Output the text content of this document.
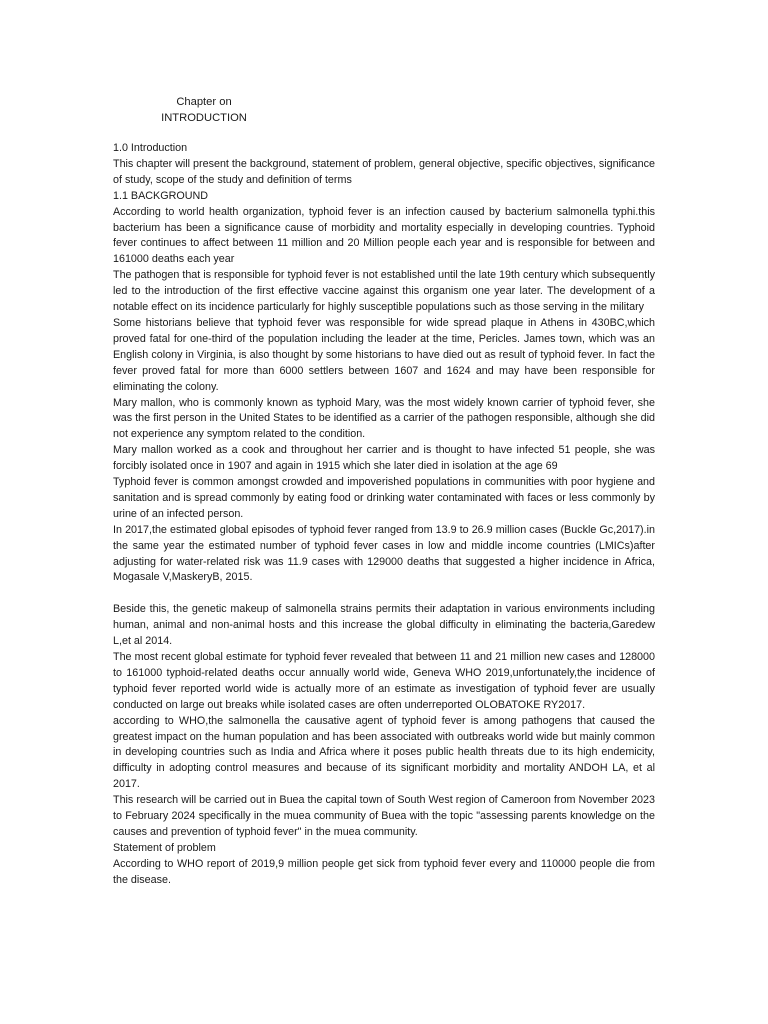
Chapter on
INTRODUCTION

1.0 Introduction

This chapter will present the background, statement of problem, general objective, specific objectives, significance of study, scope of the study and definition of terms

1.1 BACKGROUND

According to world health organization, typhoid fever is an infection caused by bacterium salmonella typhi.this bacterium has been a significance cause of morbidity and mortality especially in developing countries. Typhoid fever continues to affect between 11 million and 20 Million people each year and is responsible for between and 161000 deaths each year

The pathogen that is responsible for typhoid fever is not established until the late 19th century which subsequently led to the introduction of the first effective vaccine against this organism one year later. The development of a notable effect on its incidence particularly for highly susceptible populations such as those serving in the military

Some historians believe that typhoid fever was responsible for wide spread plaque in Athens in 430BC,which proved fatal for one-third of the population including the leader at the time, Pericles. James town, which was an English colony in Virginia, is also thought by some historians to have died out as result of typhoid fever. In fact the fever proved fatal for more than 6000 settlers between 1607 and 1624 and may have been responsible for eliminating the colony.

Mary mallon, who is commonly known as typhoid Mary, was the most widely known carrier of typhoid fever, she was the first person in the United States to be identified as a carrier of the pathogen responsible, although she did not experience any symptom related to the condition.

Mary mallon worked as a cook and throughout her carrier and is thought to have infected 51 people, she was forcibly isolated once in 1907 and again in 1915 which she later died in isolation at the age 69

Typhoid fever is common amongst crowded and impoverished populations in communities with poor hygiene and sanitation and is spread commonly by eating food or drinking water contaminated with faces or less commonly by urine of an infected person.

In 2017,the estimated global episodes of typhoid fever ranged from 13.9 to 26.9 million cases (Buckle Gc,2017).in the same year the estimated number of typhoid fever cases in low and middle income countries (LMICs)after adjusting for water-related risk was 11.9 cases with 129000 deaths that suggested a higher incidence in Africa, Mogasale V,MaskeryB, 2015.

Beside this, the genetic makeup of salmonella strains permits their adaptation in various environments including human, animal and non-animal hosts and this increase the global difficulty in eliminating the bacteria,Garedew L,et al 2014.

The most recent global estimate for typhoid fever revealed that between 11 and 21 million new cases and 128000 to 161000 typhoid-related deaths occur annually world wide, Geneva WHO 2019,unfortunately,the incidence of typhoid fever reported world wide is actually more of an estimate as investigation of typhoid fever are usually conducted on large out breaks while isolated cases are often underreported OLOBATOKE RY2017.

according to WHO,the salmonella the causative agent of typhoid fever is among pathogens that caused the greatest impact on the human population and has been associated with outbreaks world wide but mainly common in developing countries such as India and Africa where it poses public health threats due to its high endemicity, difficulty in adopting control measures and because of its significant morbidity and mortality ANDOH LA, et al 2017.

This research will be carried out in Buea the capital town of South West region of Cameroon from November 2023 to February 2024 specifically in the muea community of Buea with the topic "assessing parents knowledge on the causes and prevention of typhoid fever" in the muea community.

Statement of problem

According to WHO report of 2019,9 million people get sick from typhoid fever every and 110000 people die from the disease.
